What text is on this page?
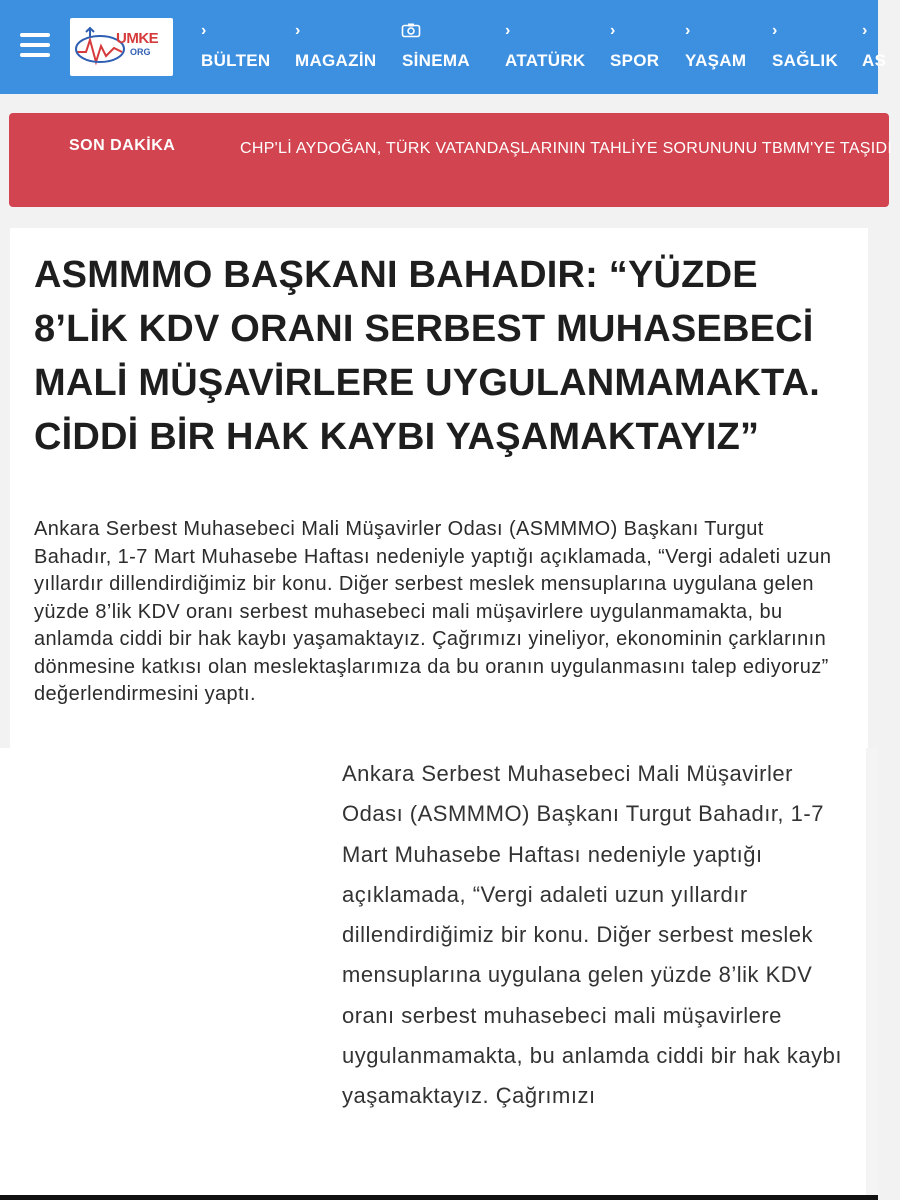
UMKE
ORG
›
BÜLTEN
›
MAGAZİN SİNEMA
›
ATATÜRK
›
SPOR
›
YAŞAM
›
SAĞLIK
›
AS
SON DAKİKA	CHP'Lİ AYDOĞAN, TÜRK VATANDAŞLARININ TAHLİYE SORUNUNU TBMM'YE TAŞIDI
ASMMMO BAŞKANI BAHADIR: “YÜZDE 8’LİK KDV ORANI SERBEST MUHASEBECİ MALİ MÜŞAVİRLERE UYGULANMAMAKTA. CİDDİ BİR HAK KAYBI YAŞAMAKTAYIZ”

Ankara Serbest Muhasebeci Mali Müşavirler Odası (ASMMMO) Başkanı Turgut Bahadır, 1-7 Mart Muhasebe Haftası nedeniyle yaptığı açıklamada, “Vergi adaleti uzun yıllardır dillendirdiğimiz bir konu. Diğer serbest meslek mensuplarına uygulana gelen yüzde 8’lik KDV oranı serbest muhasebeci mali müşavirlere uygulanmamakta, bu anlamda ciddi bir hak kaybı yaşamaktayız. Çağrımızı yineliyor, ekonominin çarklarının dönmesine katkısı olan meslektaşlarımıza da bu oranın uygulanmasını talep ediyoruz” değerlendirmesini yaptı.

Ankara Serbest Muhasebeci Mali Müşavirler Odası (ASMMMO) Başkanı Turgut Bahadır, 1-7 Mart Muhasebe Haftası nedeniyle yaptığı açıklamada, “Vergi adaleti uzun yıllardır dillendirdiğimiz bir konu. Diğer serbest meslek mensuplarına uygulana gelen yüzde 8’lik KDV oranı serbest muhasebeci mali müşavirlere uygulanmamakta, bu anlamda ciddi bir hak kaybı yaşamaktayız. Çağrımızı
